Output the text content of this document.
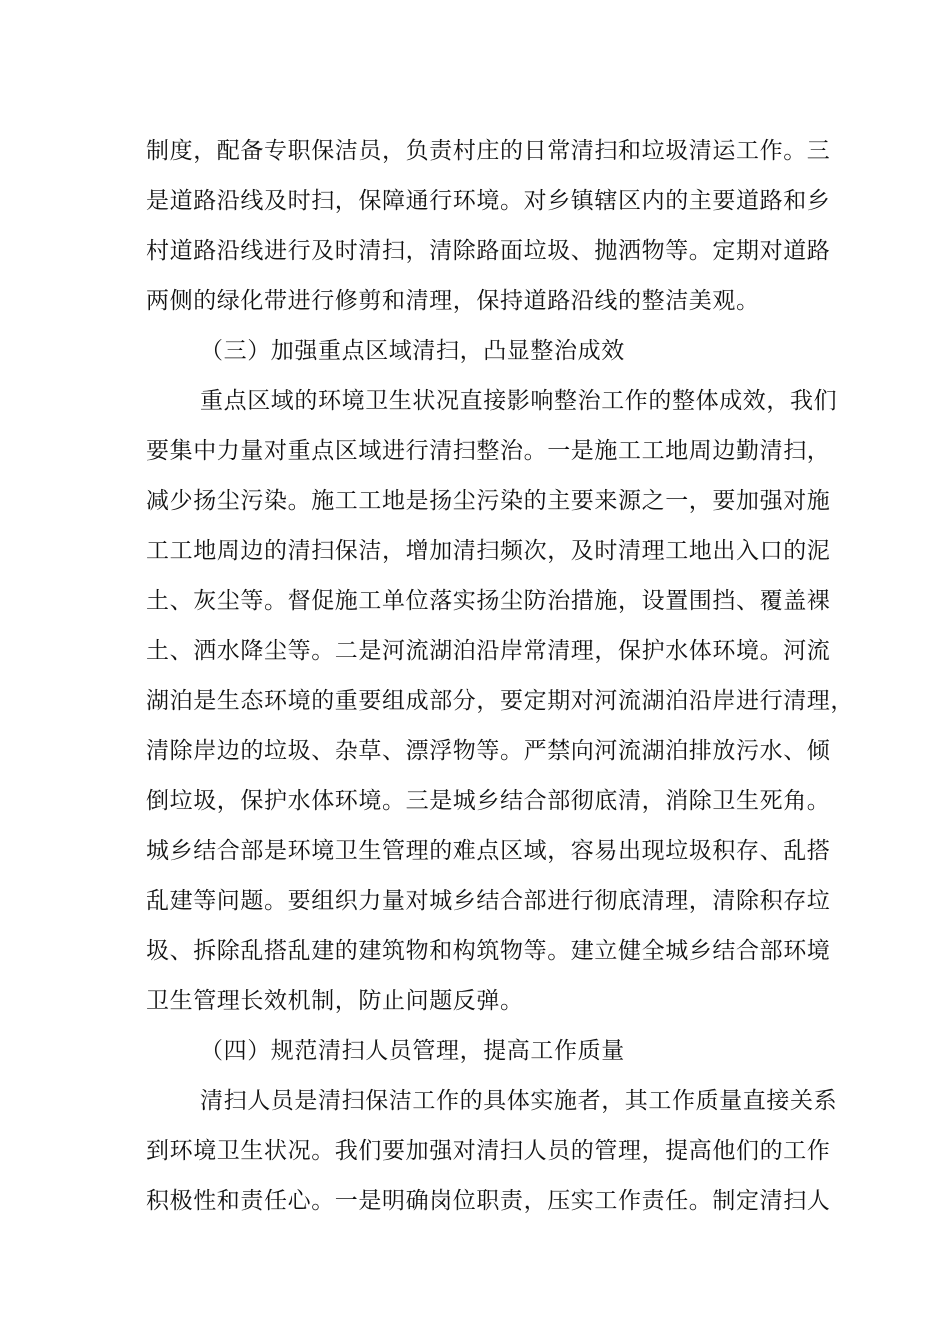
制度，配备专职保洁员，负责村庄的日常清扫和垃圾清运工作。三
是道路沿线及时扫，保障通行环境。对乡镇辖区内的主要道路和乡
村道路沿线进行及时清扫，清除路面垃圾、抛洒物等。定期对道路
两侧的绿化带进行修剪和清理，保持道路沿线的整洁美观。
（三）加强重点区域清扫，凸显整治成效
重点区域的环境卫生状况直接影响整治工作的整体成效，我们
要集中力量对重点区域进行清扫整治。一是施工工地周边勤清扫，
减少扬尘污染。施工工地是扬尘污染的主要来源之一，要加强对施
工工地周边的清扫保洁，增加清扫频次，及时清理工地出入口的泥
土、灰尘等。督促施工单位落实扬尘防治措施，设置围挡、覆盖裸
土、洒水降尘等。二是河流湖泊沿岸常清理，保护水体环境。河流
湖泊是生态环境的重要组成部分，要定期对河流湖泊沿岸进行清理，
清除岸边的垃圾、杂草、漂浮物等。严禁向河流湖泊排放污水、倾
倒垃圾，保护水体环境。三是城乡结合部彻底清，消除卫生死角。
城乡结合部是环境卫生管理的难点区域，容易出现垃圾积存、乱搭
乱建等问题。要组织力量对城乡结合部进行彻底清理，清除积存垃
圾、拆除乱搭乱建的建筑物和构筑物等。建立健全城乡结合部环境
卫生管理长效机制，防止问题反弹。
（四）规范清扫人员管理，提高工作质量
清扫人员是清扫保洁工作的具体实施者，其工作质量直接关系
到环境卫生状况。我们要加强对清扫人员的管理，提高他们的工作
积极性和责任心。一是明确岗位职责，压实工作责任。制定清扫人
